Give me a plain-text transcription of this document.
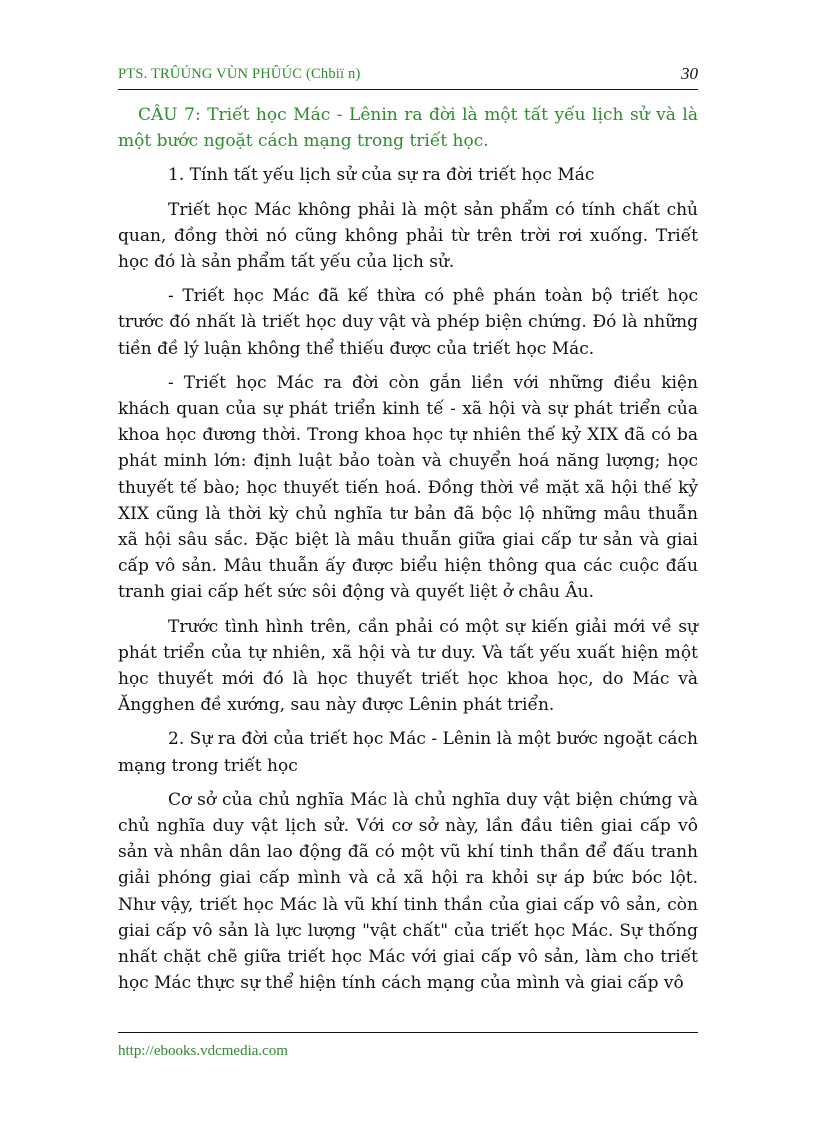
PTS. TRÛÚNG VÙN PHÛÚC (Chbiï n)	30

CÂU 7: Triết học Mác - Lênin ra đời là một tất yếu lịch sử và là một bước ngoặt cách mạng trong triết học.

1. Tính tất yếu lịch sử của sự ra đời triết học Mác

Triết học Mác không phải là một sản phẩm có tính chất chủ quan, đồng thời nó cũng không phải từ trên trời rơi xuống. Triết học đó là sản phẩm tất yếu của lịch sử.

- Triết học Mác đã kế thừa có phê phán toàn bộ triết học trước đó nhất là triết học duy vật và phép biện chứng. Đó là những tiền đề lý luận không thể thiếu được của triết học Mác.

- Triết học Mác ra đời còn gắn liền với những điều kiện khách quan của sự phát triển kinh tế - xã hội và sự phát triển của khoa học đương thời. Trong khoa học tự nhiên thế kỷ XIX đã có ba phát minh lớn: định luật bảo toàn và chuyển hoá năng lượng; học thuyết tế bào; học thuyết tiến hoá. Đồng thời về mặt xã hội thế kỷ XIX cũng là thời kỳ chủ nghĩa tư bản đã bộc lộ những mâu thuẫn xã hội sâu sắc. Đặc biệt là mâu thuẫn giữa giai cấp tư sản và giai cấp vô sản. Mâu thuẫn ấy được biểu hiện thông qua các cuộc đấu tranh giai cấp hết sức sôi động và quyết liệt ở châu Âu.

Trước tình hình trên, cần phải có một sự kiến giải mới về sự phát triển của tự nhiên, xã hội và tư duy. Và tất yếu xuất hiện một học thuyết mới đó là học thuyết triết học khoa học, do Mác và Ăngghen đề xướng, sau này được Lênin phát triển.

2. Sự ra đời của triết học Mác - Lênin là một bước ngoặt cách mạng trong triết học

Cơ sở của chủ nghĩa Mác là chủ nghĩa duy vật biện chứng và chủ nghĩa duy vật lịch sử. Với cơ sở này, lần đầu tiên giai cấp vô sản và nhân dân lao động đã có một vũ khí tinh thần để đấu tranh giải phóng giai cấp mình và cả xã hội ra khỏi sự áp bức bóc lột. Như vậy, triết học Mác là vũ khí tinh thần của giai cấp vô sản, còn giai cấp vô sản là lực lượng "vật chất" của triết học Mác. Sự thống nhất chặt chẽ giữa triết học Mác với giai cấp vô sản, làm cho triết học Mác thực sự thể hiện tính cách mạng của mình và giai cấp vô

http://ebooks.vdcmedia.com
